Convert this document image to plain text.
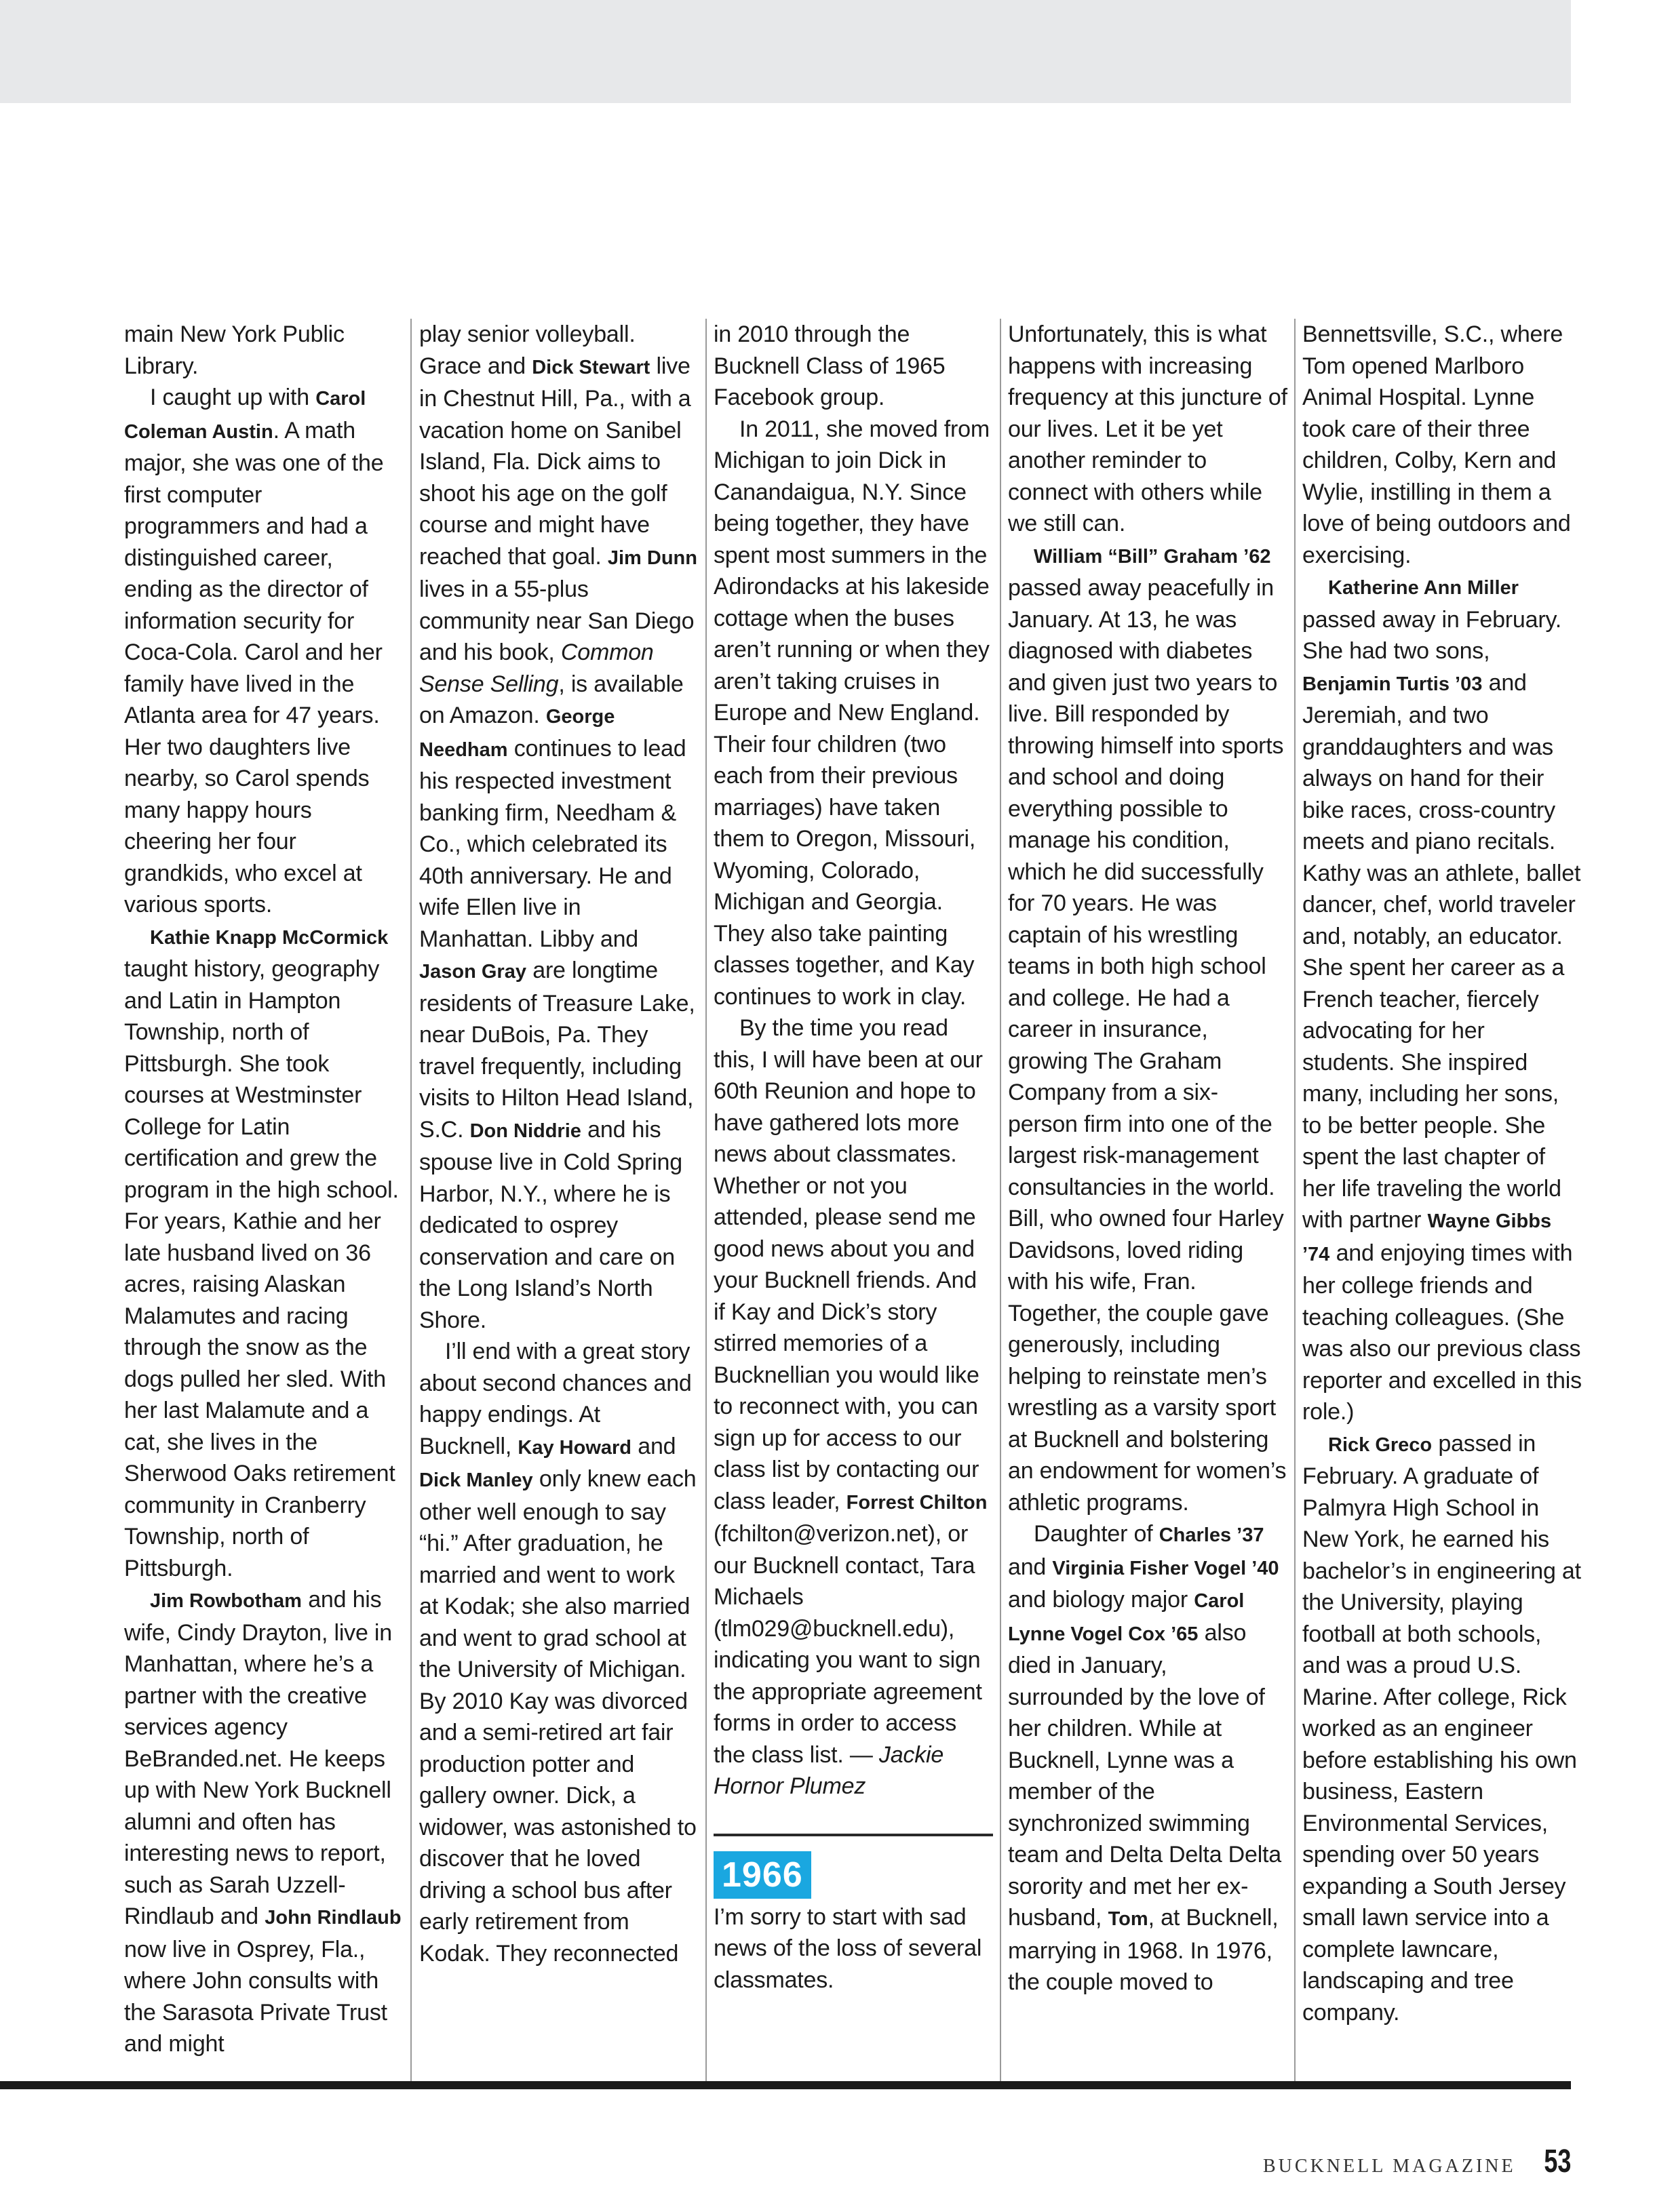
main New York Public Library.

I caught up with Carol Coleman Austin. A math major, she was one of the first computer programmers and had a distinguished career, ending as the director of information security for Coca-Cola. Carol and her family have lived in the Atlanta area for 47 years. Her two daughters live nearby, so Carol spends many happy hours cheering her four grandkids, who excel at various sports.

Kathie Knapp McCormick taught history, geography and Latin in Hampton Township, north of Pittsburgh. She took courses at Westminster College for Latin certification and grew the program in the high school. For years, Kathie and her late husband lived on 36 acres, raising Alaskan Malamutes and racing through the snow as the dogs pulled her sled. With her last Malamute and a cat, she lives in the Sherwood Oaks retirement community in Cranberry Township, north of Pittsburgh.

Jim Rowbotham and his wife, Cindy Drayton, live in Manhattan, where he’s a partner with the creative services agency BeBranded.net. He keeps up with New York Bucknell alumni and often has interesting news to report, such as Sarah Uzzell-Rindlaub and John Rindlaub now live in Osprey, Fla., where John consults with the Sarasota Private Trust and might

play senior volleyball. Grace and Dick Stewart live in Chestnut Hill, Pa., with a vacation home on Sanibel Island, Fla. Dick aims to shoot his age on the golf course and might have reached that goal. Jim Dunn lives in a 55-plus community near San Diego and his book, Common Sense Selling, is available on Amazon. George Needham continues to lead his respected investment banking firm, Needham & Co., which celebrated its 40th anniversary. He and wife Ellen live in Manhattan. Libby and Jason Gray are longtime residents of Treasure Lake, near DuBois, Pa. They travel frequently, including visits to Hilton Head Island, S.C. Don Niddrie and his spouse live in Cold Spring Harbor, N.Y., where he is dedicated to osprey conservation and care on the Long Island’s North Shore.

I’ll end with a great story about second chances and happy endings. At Bucknell, Kay Howard and Dick Manley only knew each other well enough to say “hi.” After graduation, he married and went to work at Kodak; she also married and went to grad school at the University of Michigan. By 2010 Kay was divorced and a semi-retired art fair production potter and gallery owner. Dick, a widower, was astonished to discover that he loved driving a school bus after early retirement from Kodak. They reconnected

in 2010 through the Bucknell Class of 1965 Facebook group.

In 2011, she moved from Michigan to join Dick in Canandaigua, N.Y. Since being together, they have spent most summers in the Adirondacks at his lakeside cottage when the buses aren’t running or when they aren’t taking cruises in Europe and New England. Their four children (two each from their previous marriages) have taken them to Oregon, Missouri, Wyoming, Colorado, Michigan and Georgia. They also take painting classes together, and Kay continues to work in clay.

By the time you read this, I will have been at our 60th Reunion and hope to have gathered lots more news about classmates. Whether or not you attended, please send me good news about you and your Bucknell friends. And if Kay and Dick’s story stirred memories of a Bucknellian you would like to reconnect with, you can sign up for access to our class list by contacting our class leader, Forrest Chilton (fchilton@verizon.net), or our Bucknell contact, Tara Michaels (tlm029@bucknell.edu), indicating you want to sign the appropriate agreement forms in order to access the class list. — Jackie Hornor Plumez

1966

I’m sorry to start with sad news of the loss of several classmates.

Unfortunately, this is what happens with increasing frequency at this juncture of our lives. Let it be yet another reminder to connect with others while we still can.

William “Bill” Graham ’62 passed away peacefully in January. At 13, he was diagnosed with diabetes and given just two years to live. Bill responded by throwing himself into sports and school and doing everything possible to manage his condition, which he did successfully for 70 years. He was captain of his wrestling teams in both high school and college. He had a career in insurance, growing The Graham Company from a six-person firm into one of the largest risk-management consultancies in the world. Bill, who owned four Harley Davidsons, loved riding with his wife, Fran. Together, the couple gave generously, including helping to reinstate men’s wrestling as a varsity sport at Bucknell and bolstering an endowment for women’s athletic programs.

Daughter of Charles ’37 and Virginia Fisher Vogel ’40 and biology major Carol Lynne Vogel Cox ’65 also died in January, surrounded by the love of her children. While at Bucknell, Lynne was a member of the synchronized swimming team and Delta Delta Delta sorority and met her ex-husband, Tom, at Bucknell, marrying in 1968. In 1976, the couple moved to

Bennettsville, S.C., where Tom opened Marlboro Animal Hospital. Lynne took care of their three children, Colby, Kern and Wylie, instilling in them a love of being outdoors and exercising.

Katherine Ann Miller passed away in February. She had two sons, Benjamin Turtis ’03 and Jeremiah, and two granddaughters and was always on hand for their bike races, cross-country meets and piano recitals. Kathy was an athlete, ballet dancer, chef, world traveler and, notably, an educator. She spent her career as a French teacher, fiercely advocating for her students. She inspired many, including her sons, to be better people. She spent the last chapter of her life traveling the world with partner Wayne Gibbs ’74 and enjoying times with her college friends and teaching colleagues. (She was also our previous class reporter and excelled in this role.)

Rick Greco passed in February. A graduate of Palmyra High School in New York, he earned his bachelor’s in engineering at the University, playing football at both schools, and was a proud U.S. Marine. After college, Rick worked as an engineer before establishing his own business, Eastern Environmental Services, spending over 50 years expanding a South Jersey small lawn service into a complete lawncare, landscaping and tree company.

BUCKNELL MAGAZINE 53
